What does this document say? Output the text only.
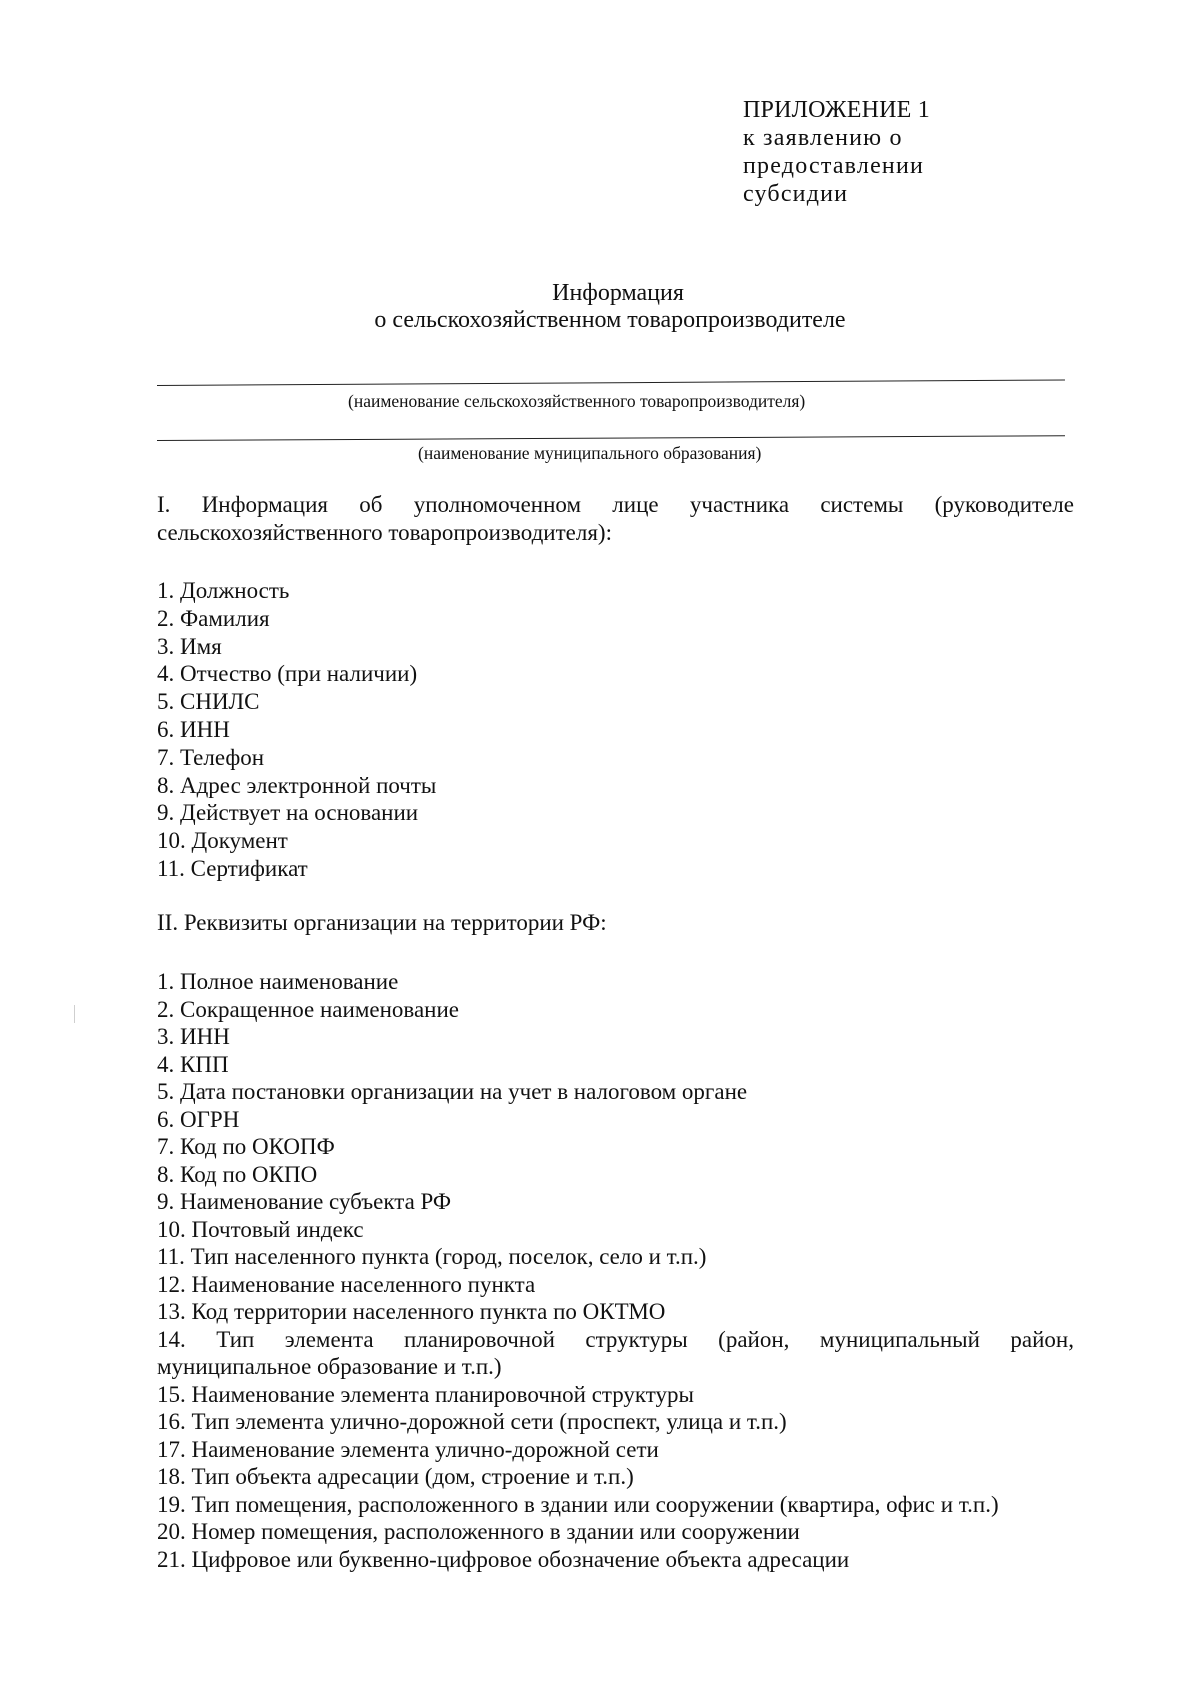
ПРИЛОЖЕНИЕ 1
к заявлению о предоставлении
субсидии
Информация
о сельскохозяйственном товаропроизводителе
(наименование сельскохозяйственного товаропроизводителя)
(наименование муниципального образования)
I. Информация об уполномоченном лице участника системы (руководителе
сельскохозяйственного товаропроизводителя):
1. Должность
2. Фамилия
3. Имя
4. Отчество (при наличии)
5. СНИЛС
6. ИНН
7. Телефон
8. Адрес электронной почты
9. Действует на основании
10. Документ
11. Сертификат
II. Реквизиты организации на территории РФ:
1. Полное наименование
2. Сокращенное наименование
3. ИНН
4. КПП
5. Дата постановки организации на учет в налоговом органе
6. ОГРН
7. Код по ОКОПФ
8. Код по ОКПО
9. Наименование субъекта РФ
10. Почтовый индекс
11. Тип населенного пункта (город, поселок, село и т.п.)
12. Наименование населенного пункта
13. Код территории населенного пункта по ОКТМО
14. Тип элемента планировочной структуры (район, муниципальный район,
муниципальное образование и т.п.)
15. Наименование элемента планировочной структуры
16. Тип элемента улично-дорожной сети (проспект, улица и т.п.)
17. Наименование элемента улично-дорожной сети
18. Тип объекта адресации (дом, строение и т.п.)
19. Тип помещения, расположенного в здании или сооружении (квартира, офис и т.п.)
20. Номер помещения, расположенного в здании или сооружении
21. Цифровое или буквенно-цифровое обозначение объекта адресации
